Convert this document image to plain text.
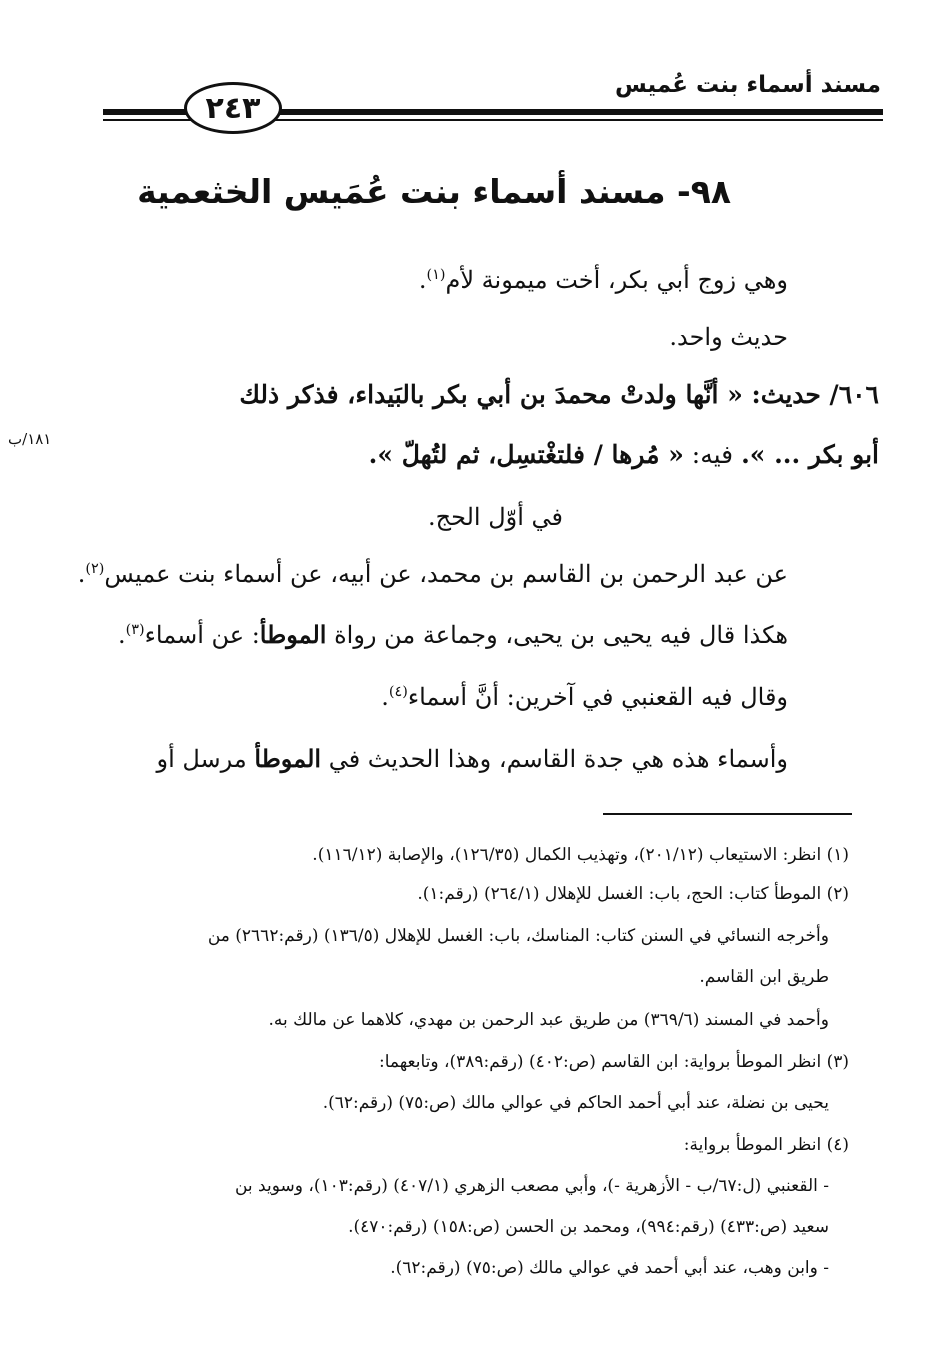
مسند أسماء بنت عُميس
٢٤٣
٩٨- مسند أسماء بنت عُمَيس الخثعمية
وهي زوج أبي بكر، أخت ميمونة لأم$^{(١)}$.
حديث واحد.
٦٠٦/ حديث: « أنَّها ولدتْ محمدَ بن أبي بكر بالبَيداء، فذكر ذلك
أبو بكر ... ». فيه: « مُرها / فلتغْتسِل، ثم لتُهلّ ».
١٨١/ب
في أوّل الحج.
عن عبد الرحمن بن القاسم بن محمد، عن أبيه، عن أسماء بنت عميس$^{(٢)}$.
هكذا قال فيه يحيى بن يحيى، وجماعة من رواة الموطأ: عن أسماء$^{(٣)}$.
وقال فيه القعنبي في آخرين: أنَّ أسماء$^{(٤)}$.
وأسماء هذه هي جدة القاسم، وهذا الحديث في الموطأ مرسل أو
(١) انظر: الاستيعاب (٢٠١/١٢)، وتهذيب الكمال (١٢٦/٣٥)، والإصابة (١١٦/١٢).
(٢) الموطأ كتاب: الحج، باب: الغسل للإهلال (٢٦٤/١) (رقم:١).
وأخرجه النسائي في السنن كتاب: المناسك، باب: الغسل للإهلال (١٣٦/٥) (رقم:٢٦٦٢) من
طريق ابن القاسم.
وأحمد في المسند (٣٦٩/٦) من طريق عبد الرحمن بن مهدي، كلاهما عن مالك به.
(٣) انظر الموطأ برواية: ابن القاسم (ص:٤٠٢) (رقم:٣٨٩)، وتابعهما:
يحيى بن نضلة، عند أبي أحمد الحاكم في عوالي مالك (ص:٧٥) (رقم:٦٢).
(٤) انظر الموطأ برواية:
- القعنبي (ل:٦٧/ب - الأزهرية -)، وأبي مصعب الزهري (٤٠٧/١) (رقم:١٠٣)، وسويد بن
سعيد (ص:٤٣٣) (رقم:٩٩٤)، ومحمد بن الحسن (ص:١٥٨) (رقم:٤٧٠).
- وابن وهب، عند أبي أحمد في عوالي مالك (ص:٧٥) (رقم:٦٢).
